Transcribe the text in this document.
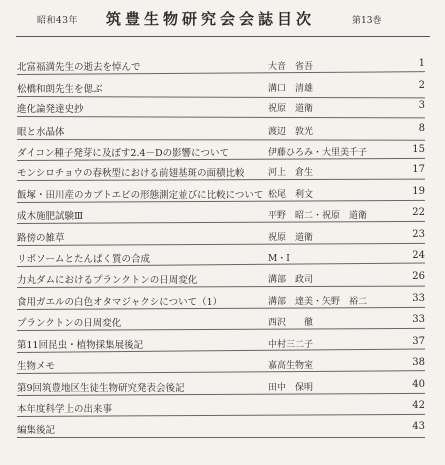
昭和43年 筑豊生物研究会会誌目次	第13巻
北富福満先生の逝去を悼んで	大音　省吾	1
松橋和朗先生を偲ぶ	溝口　清雄	2
進化論発達史抄	祝原　道衛	3
眼と水晶体	渡辺　敦光	8
ダイコン種子発芽に及ぼす2.4－Dの影響について	伊藤ひろみ・大里美千子	15
モンシロチョウの春秋型における前翅基斑の面積比較	河上　倉生	17
飯塚・田川産のカブトエビの形態測定並びに比較について 松尾　利文	19
成木施肥試験Ⅲ	平野　昭二・祝原　道衛	22
路傍の雑草	祝原　道衛	23
リボソームとたんぱく質の合成	M・I	24
力丸ダムにおけるプランクトンの日周変化	溝部　政司	26
食用ガエルの白色オタマジャクシについて（1）	溝部　達美・矢野　裕二	33
プランクトンの日周変化	西沢　　徹	33
第11回昆虫・植物採集展後記	中村三二子	37
生物メモ	嘉高生物室	38
第9回筑豊地区生徒生物研究発表会後記	田中　保明	40
本年度科学上の出来事	42
編集後記	43
